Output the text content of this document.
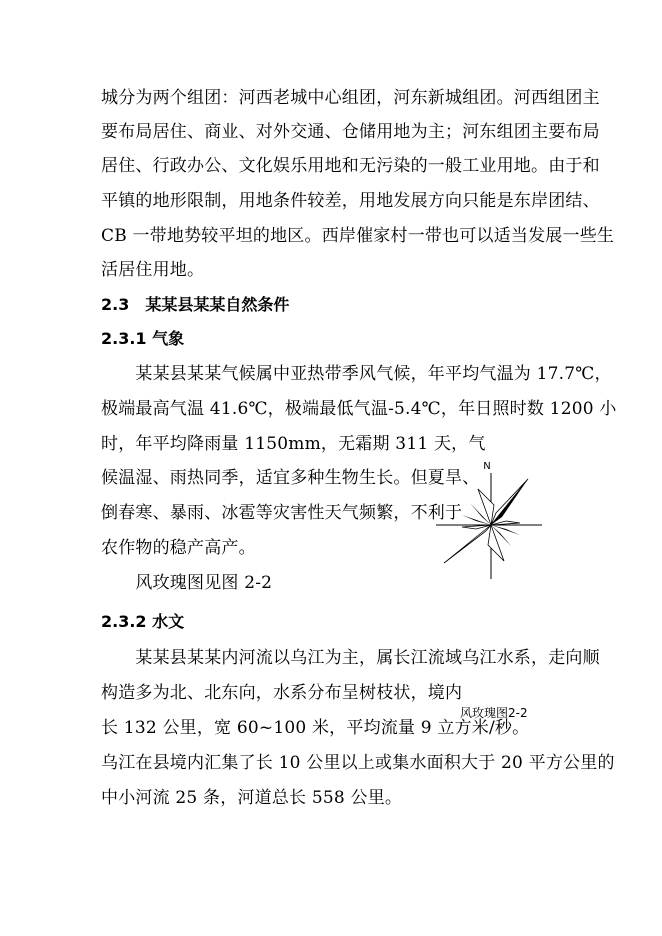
城分为两个组团：河西老城中心组团，河东新城组团。河西组团主
要布局居住、商业、对外交通、仓储用地为主；河东组团主要布局
居住、行政办公、文化娱乐用地和无污染的一般工业用地。由于和
平镇的地形限制，用地条件较差，用地发展方向只能是东岸团结、
CB 一带地势较平坦的地区。西岸催家村一带也可以适当发展一些生
活居住用地。
2.3　某某县某某自然条件
2.3.1 气象
　　某某县某某气候属中亚热带季风气候，年平均气温为 17.7℃，
极端最高气温 41.6℃，极端最低气温-5.4℃，年日照时数 1200 小
时，年平均降雨量 1150mm，无霜期 311 天，气
候温湿、雨热同季，适宜多种生物生长。但夏旱、
倒春寒、暴雨、冰雹等灾害性天气频繁，不利于
农作物的稳产高产。
　　风玫瑰图见图 2-2
N
2.3.2 水文
　　某某县某某内河流以乌江为主，属长江流域乌江水系，走向顺
构造多为北、北东向，水系分布呈树枝状，境内
长 132 公里，宽 60~100 米，平均流量 9 立方米/秒。
风玫瑰图2-2
乌江在县境内汇集了长 10 公里以上或集水面积大于 20 平方公里的
中小河流 25 条，河道总长 558 公里。
